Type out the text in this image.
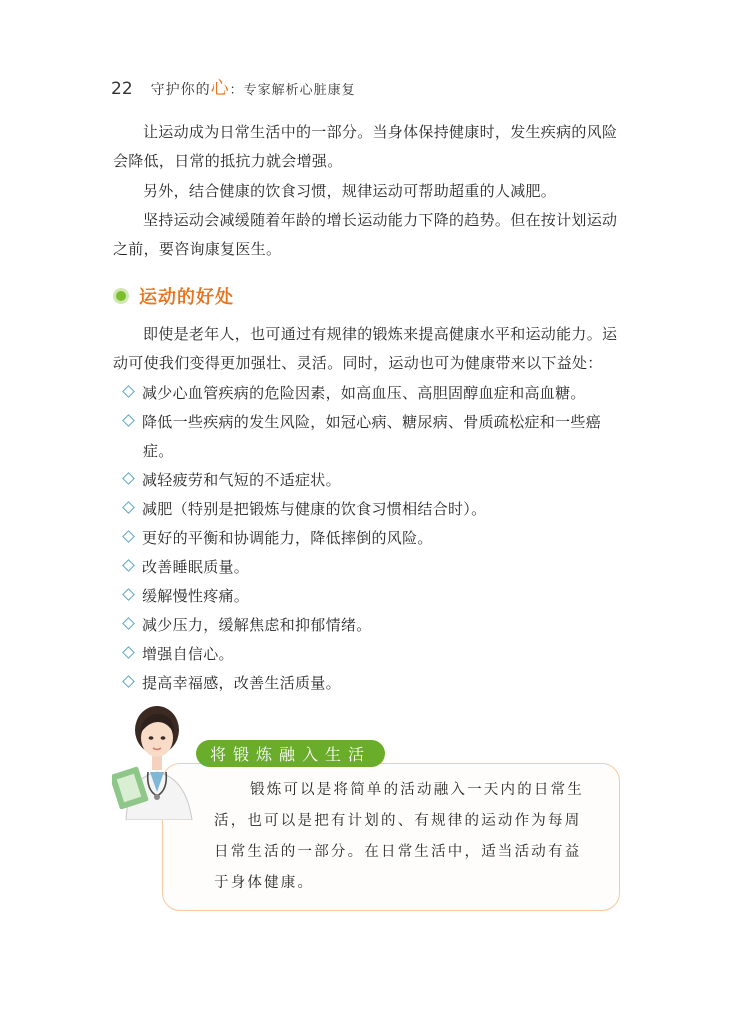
22 守护你的心：专家解析心脏康复

让运动成为日常生活中的一部分。当身体保持健康时，发生疾病的风险会降低，日常的抵抗力就会增强。

另外，结合健康的饮食习惯，规律运动可帮助超重的人减肥。

坚持运动会减缓随着年龄的增长运动能力下降的趋势。但在按计划运动之前，要咨询康复医生。

运动的好处

即使是老年人，也可通过有规律的锻炼来提高健康水平和运动能力。运动可使我们变得更加强壮、灵活。同时，运动也可为健康带来以下益处：

减少心血管疾病的危险因素，如高血压、高胆固醇血症和高血糖。
降低一些疾病的发生风险，如冠心病、糖尿病、骨质疏松症和一些癌症。
减轻疲劳和气短的不适症状。
减肥（特别是把锻炼与健康的饮食习惯相结合时）。
更好的平衡和协调能力，降低摔倒的风险。
改善睡眠质量。
缓解慢性疼痛。
减少压力，缓解焦虑和抑郁情绪。
增强自信心。
提高幸福感，改善生活质量。
将锻炼融入生活

锻炼可以是将简单的活动融入一天内的日常生活，也可以是把有计划的、有规律的运动作为每周日常生活的一部分。在日常生活中，适当活动有益于身体健康。
